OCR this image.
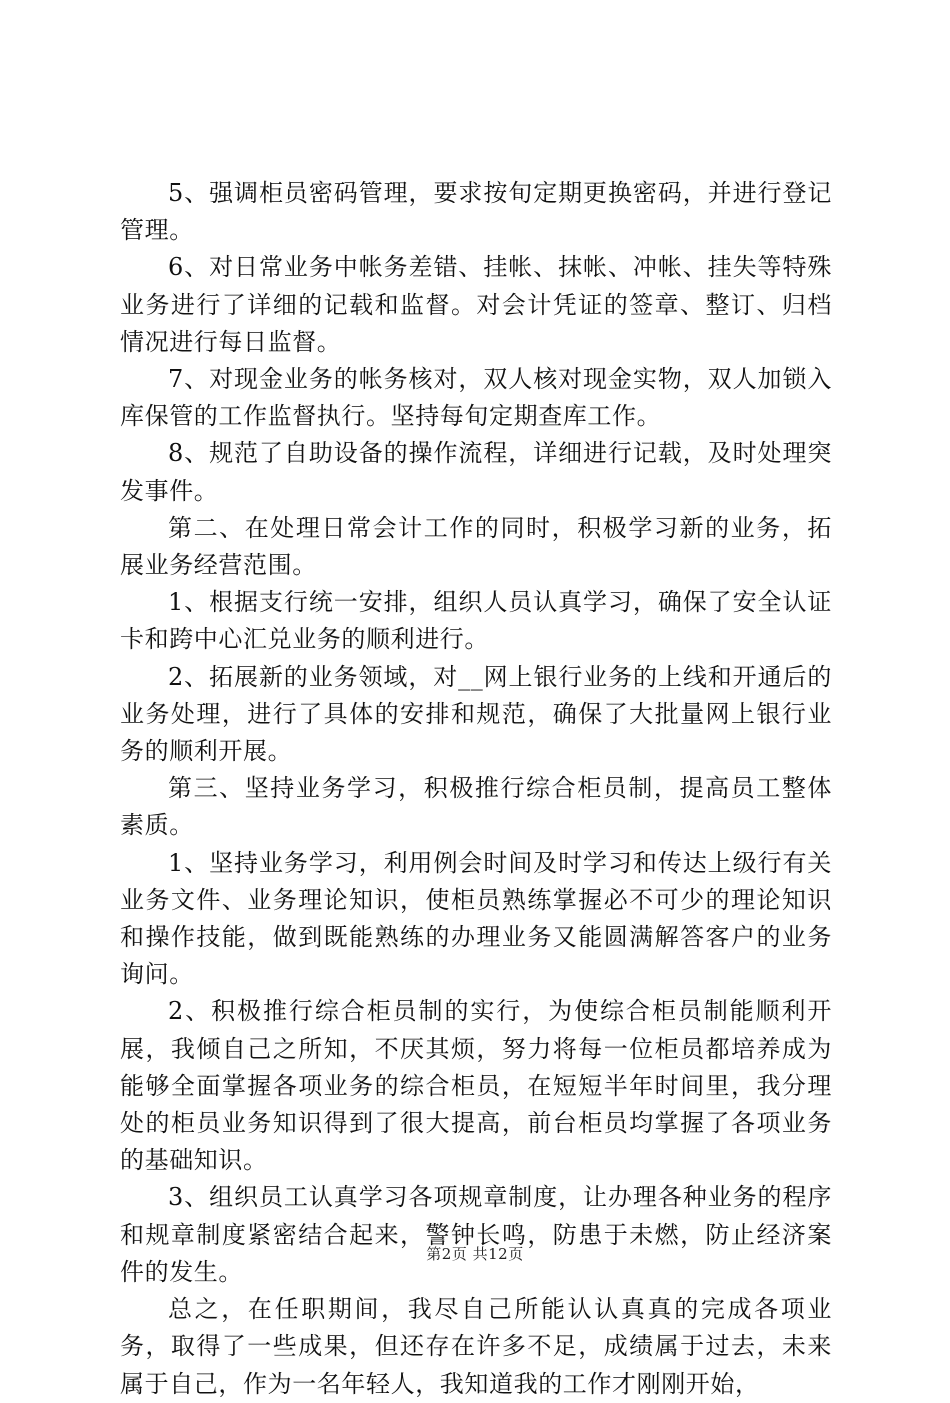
5、强调柜员密码管理，要求按旬定期更换密码，并进行登记管理。

6、对日常业务中帐务差错、挂帐、抹帐、冲帐、挂失等特殊业务进行了详细的记载和监督。对会计凭证的签章、整订、归档情况进行每日监督。

7、对现金业务的帐务核对，双人核对现金实物，双人加锁入库保管的工作监督执行。坚持每旬定期查库工作。

8、规范了自助设备的操作流程，详细进行记载，及时处理突发事件。

第二、在处理日常会计工作的同时，积极学习新的业务，拓展业务经营范围。

1、根据支行统一安排，组织人员认真学习，确保了安全认证卡和跨中心汇兑业务的顺利进行。

2、拓展新的业务领域，对__网上银行业务的上线和开通后的业务处理，进行了具体的安排和规范，确保了大批量网上银行业务的顺利开展。

第三、坚持业务学习，积极推行综合柜员制，提高员工整体素质。

1、坚持业务学习，利用例会时间及时学习和传达上级行有关业务文件、业务理论知识，使柜员熟练掌握必不可少的理论知识和操作技能，做到既能熟练的办理业务又能圆满解答客户的业务询问。

2、积极推行综合柜员制的实行，为使综合柜员制能顺利开展，我倾自己之所知，不厌其烦，努力将每一位柜员都培养成为能够全面掌握各项业务的综合柜员，在短短半年时间里，我分理处的柜员业务知识得到了很大提高，前台柜员均掌握了各项业务的基础知识。

3、组织员工认真学习各项规章制度，让办理各种业务的程序和规章制度紧密结合起来，警钟长鸣，防患于未燃，防止经济案件的发生。

总之，在任职期间，我尽自己所能认认真真的完成各项业务，取得了一些成果，但还存在许多不足，成绩属于过去，未来属于自己，作为一名年轻人，我知道我的工作才刚刚开始，

第2页 共12页
